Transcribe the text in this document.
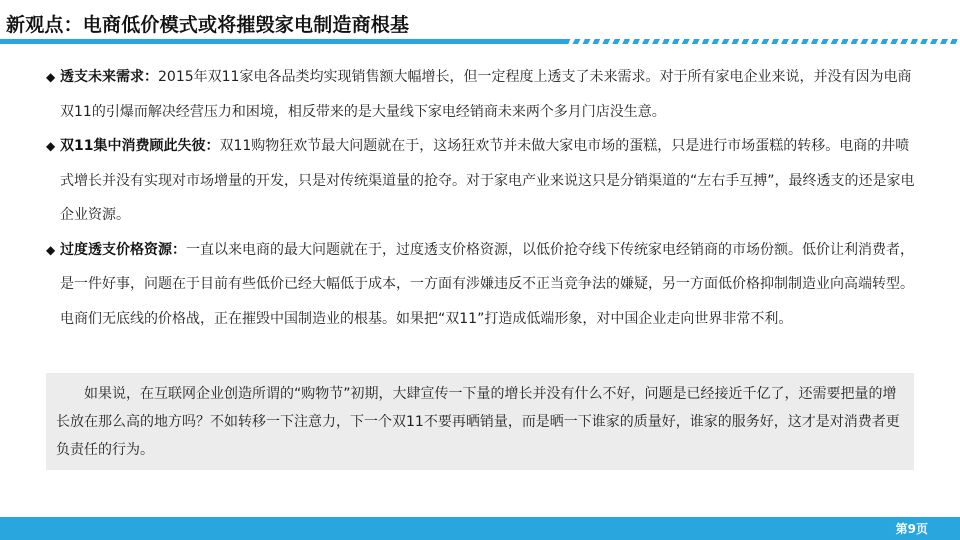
新观点：电商低价模式或将摧毁家电制造商根基
◆ 透支未来需求：2015年双11家电各品类均实现销售额大幅增长，但一定程度上透支了未来需求。对于所有家电企业来说，并没有因为电商双11的引爆而解决经营压力和困境，相反带来的是大量线下家电经销商未来两个多月门店没生意。
◆ 双11集中消费顾此失彼：双11购物狂欢节最大问题就在于，这场狂欢节并未做大家电市场的蛋糕，只是进行市场蛋糕的转移。电商的井喷式增长并没有实现对市场增量的开发，只是对传统渠道量的抢夺。对于家电产业来说这只是分销渠道的“左右手互搏”，最终透支的还是家电企业资源。
◆ 过度透支价格资源：一直以来电商的最大问题就在于，过度透支价格资源，以低价抢夺线下传统家电经销商的市场份额。低价让利消费者，是一件好事，问题在于目前有些低价已经大幅低于成本，一方面有涉嫌违反不正当竞争法的嫌疑，另一方面低价格抑制制造业向高端转型。电商们无底线的价格战，正在摧毁中国制造业的根基。如果把“双11”打造成低端形象，对中国企业走向世界非常不利。
如果说，在互联网企业创造所谓的“购物节”初期，大肆宣传一下量的增长并没有什么不好，问题是已经接近千亿了，还需要把量的增长放在那么高的地方吗？不如转移一下注意力，下一个双11不要再晒销量，而是晒一下谁家的质量好，谁家的服务好，这才是对消费者更负责任的行为。
第9页
